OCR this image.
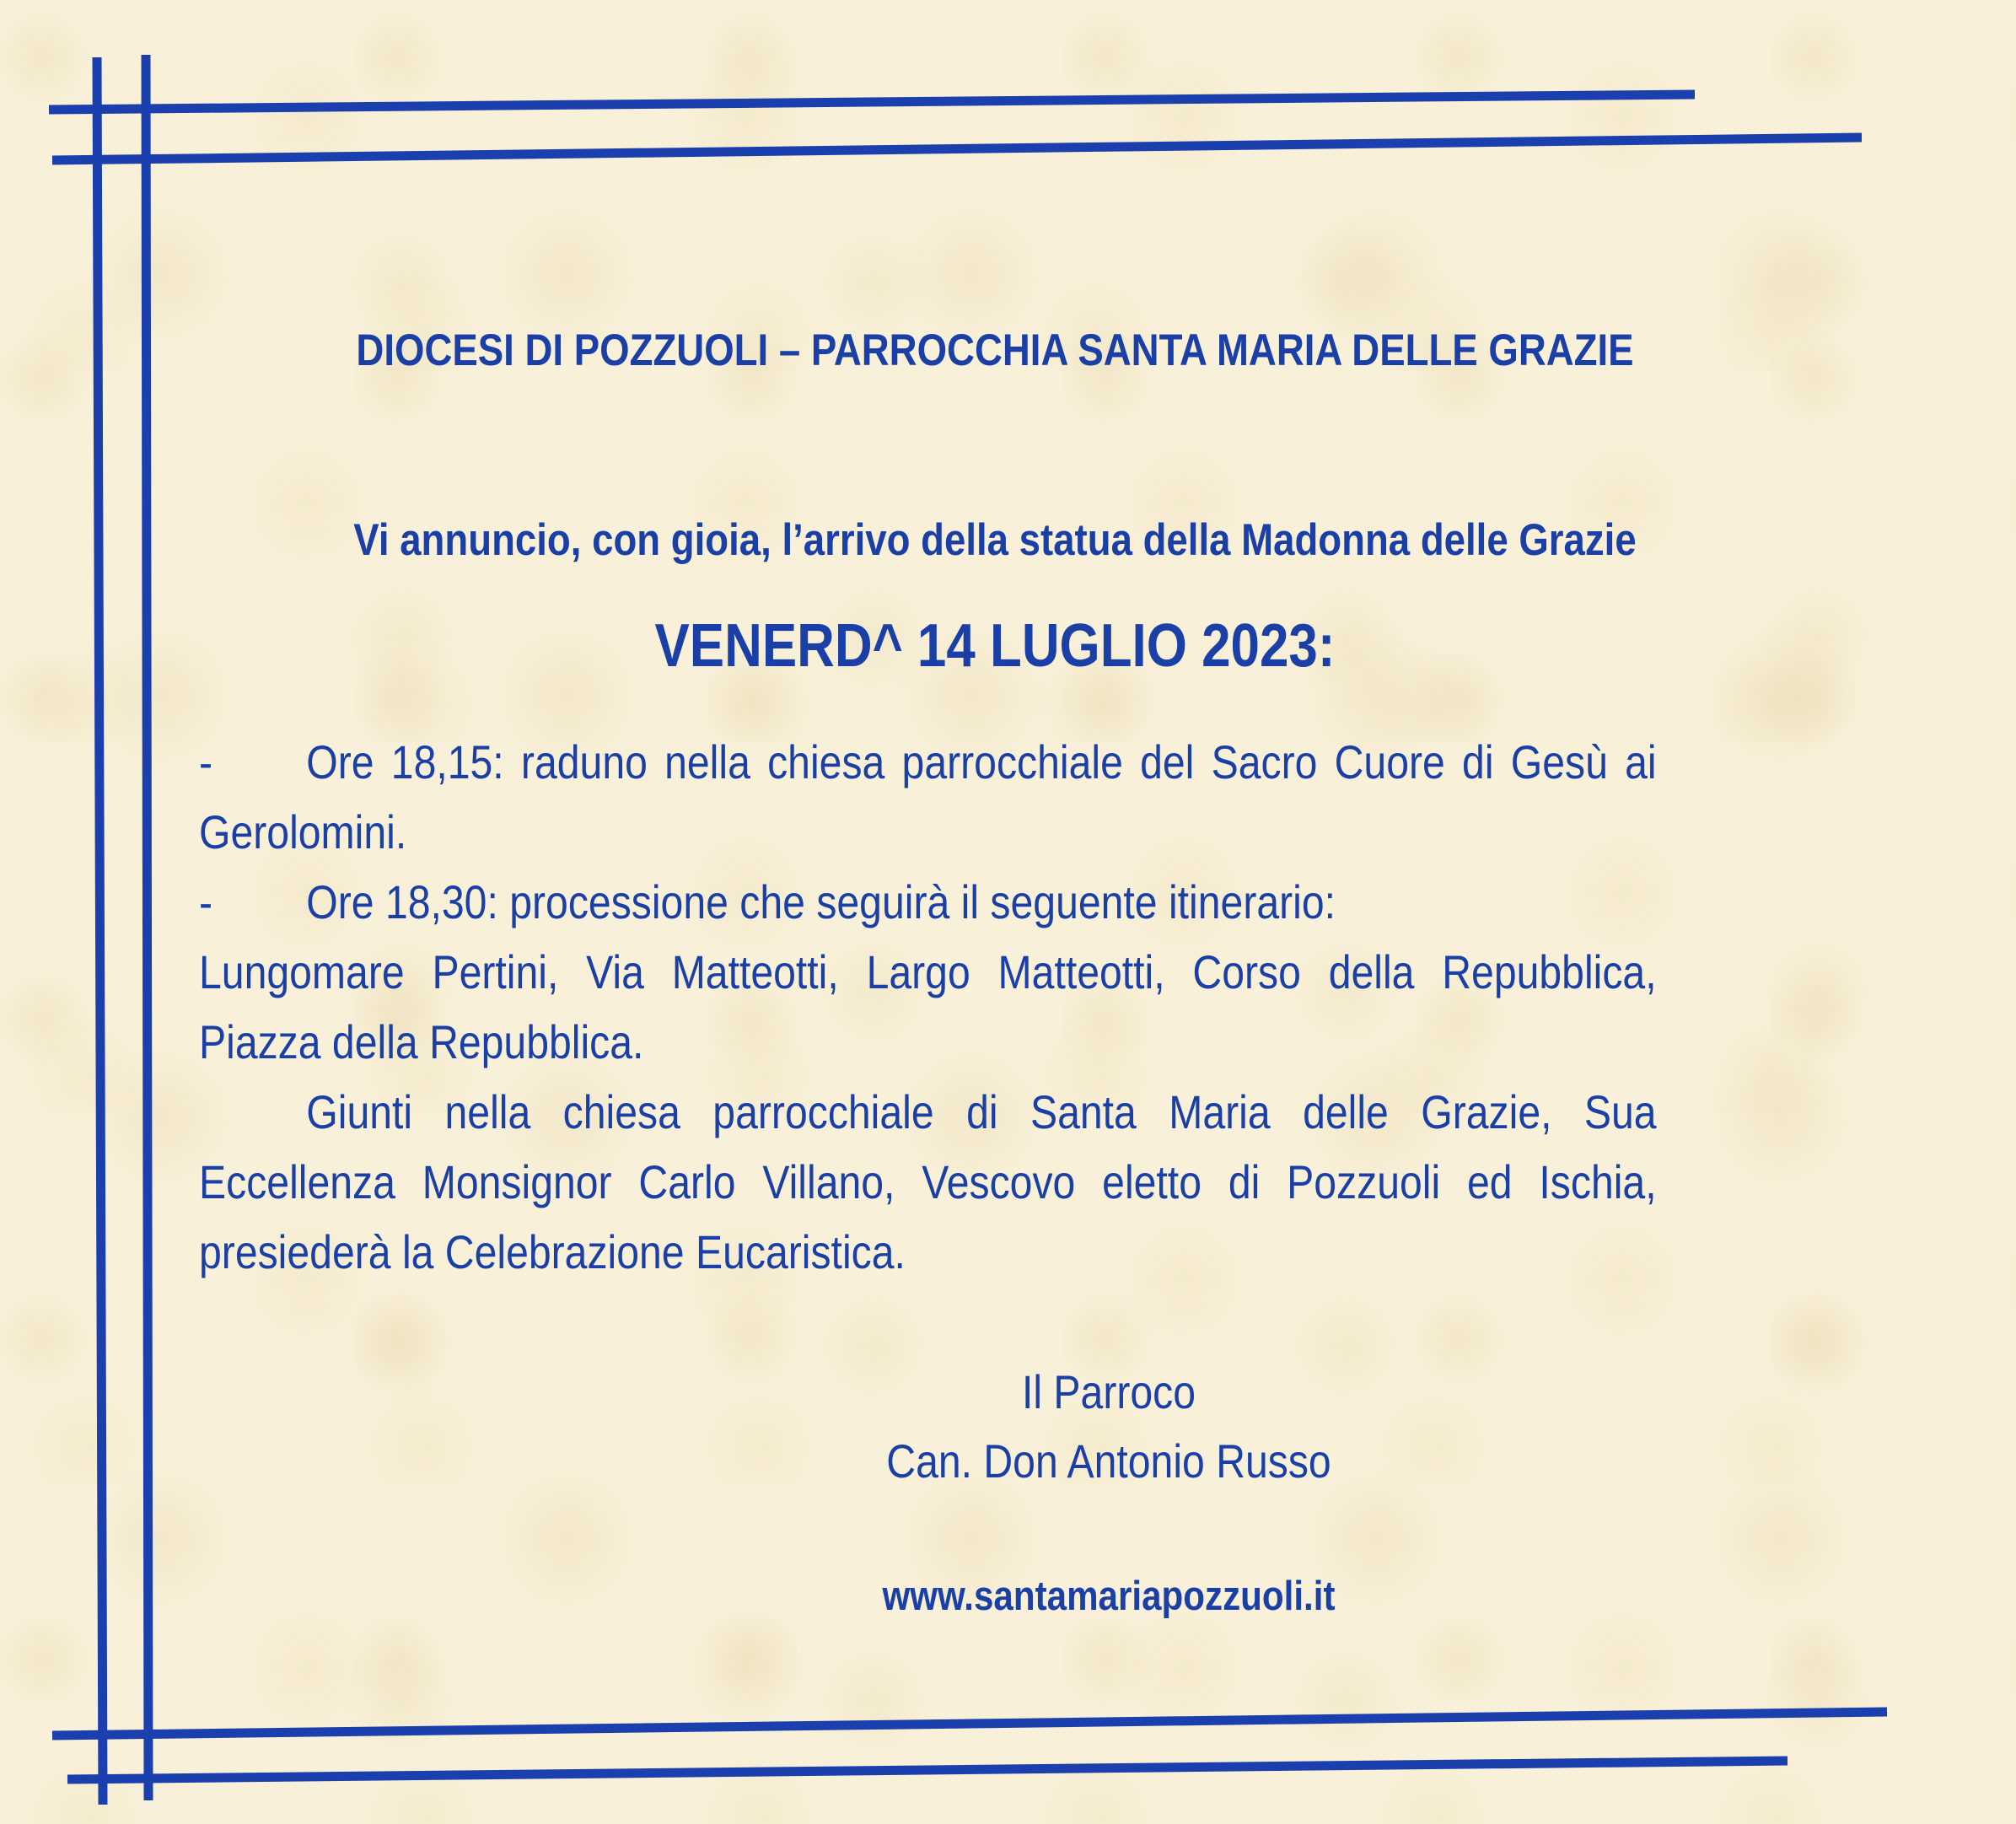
DIOCESI DI POZZUOLI – PARROCCHIA SANTA MARIA DELLE GRAZIE
Vi annuncio, con gioia, l’arrivo della statua della Madonna delle Grazie
VENERD^ 14 LUGLIO 2023:

- Ore 18,15: raduno nella chiesa parrocchiale del Sacro Cuore di Gesù ai Gerolomini.

- Ore 18,30: processione che seguirà il seguente itinerario:

Lungomare Pertini, Via Matteotti, Largo Matteotti, Corso della Repubblica, Piazza della Repubblica.

Giunti nella chiesa parrocchiale di Santa Maria delle Grazie, Sua Eccellenza Monsignor Carlo Villano, Vescovo eletto di Pozzuoli ed Ischia, presiederà la Celebrazione Eucaristica.

Il Parroco
Can. Don Antonio Russo
www.santamariapozzuoli.it
